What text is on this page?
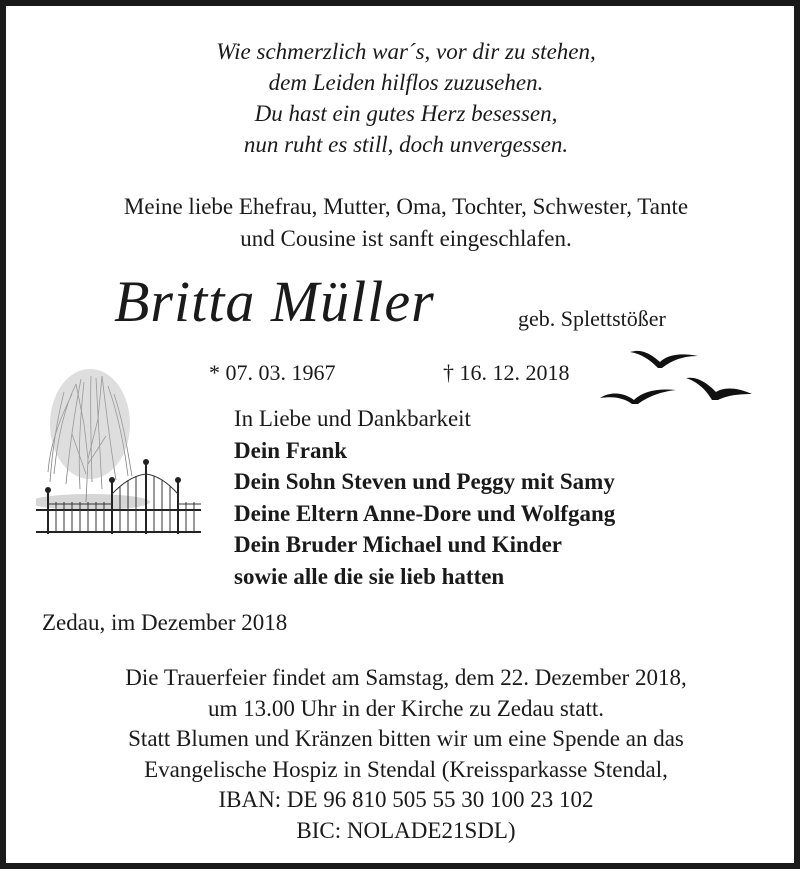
Wie schmerzlich war´s, vor dir zu stehen,
dem Leiden hilflos zuzusehen.
Du hast ein gutes Herz besessen,
nun ruht es still, doch unvergessen.
Meine liebe Ehefrau, Mutter, Oma, Tochter, Schwester, Tante
und Cousine ist sanft eingeschlafen.
Britta Müller	geb. Splettstößer
* 07. 03. 1967	† 16. 12. 2018
In Liebe und Dankbarkeit
Dein Frank
Dein Sohn Steven und Peggy mit Samy
Deine Eltern Anne-Dore und Wolfgang
Dein Bruder Michael und Kinder
sowie alle die sie lieb hatten
Zedau, im Dezember 2018
Die Trauerfeier findet am Samstag, dem 22. Dezember 2018,
um 13.00 Uhr in der Kirche zu Zedau statt.
Statt Blumen und Kränzen bitten wir um eine Spende an das
Evangelische Hospiz in Stendal (Kreissparkasse Stendal,
IBAN: DE 96 810 505 55 30 100 23 102
BIC: NOLADE21SDL)
